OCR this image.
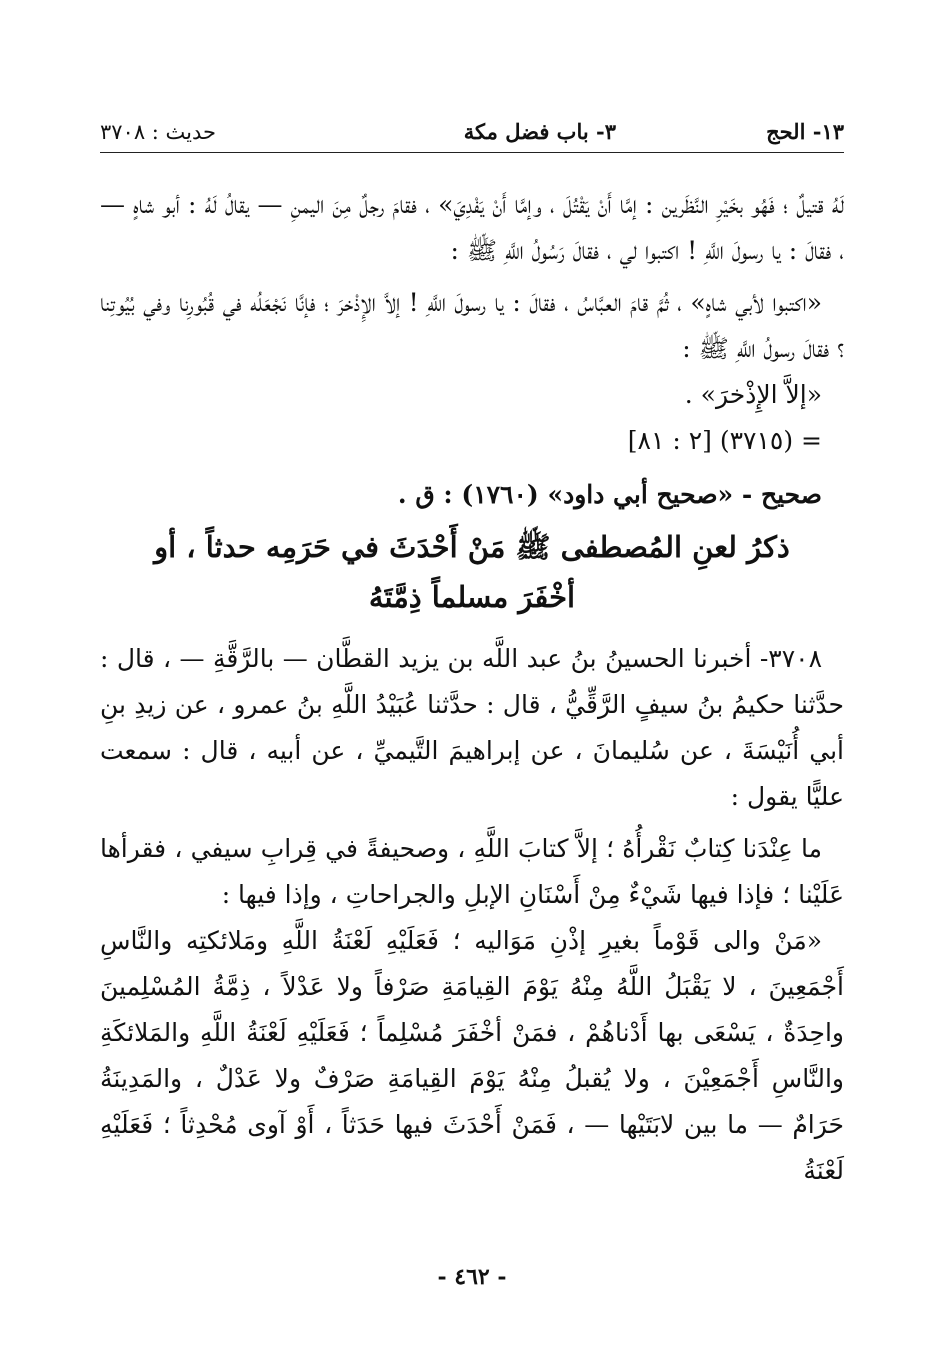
١٣- الحج
٣- باب فضل مكة
حديث : ٣٧٠٨

لَهُ قتيلٌ ؛ فَهُو بخَيْرِ النَّظَرين : إمَّا أَنْ يَقْتُلَ ، وإمَّا أَنْ يَفْدِيَ» ، فقامَ رجلٌ مِنَ اليمنِ — يقالُ لَهُ : أبو شاهٍ — ، فقالَ : يا رسولَ اللَّهِ ! اكتبوا لي ، فقالَ رَسُولُ اللَّهِ ﷺ :

«اكتبوا لأبي شاهٍ» ، ثُمَّ قامَ العبَّاسُ ، فقالَ : يا رسولَ اللَّهِ ! إلاَّ الإِذْخرَ ؛ فإنَّا نَجْعَلُه في قُبُورِنا وفي بُيُوتِنا ؟ فقالَ رسولُ اللَّهِ ﷺ :

«إلاَّ الإِذْخرَ» .

= (٣٧١٥) [٢ : ٨١]

صحيح - «صحيح أبي داود» (١٧٦٠) : ق .

ذكرُ لعنِ المُصطفى ﷺ مَنْ أَحْدَثَ في حَرَمِه حدثاً ، أو
أخْفَرَ مسلماً ذِمَّتَهُ

٣٧٠٨- أخبرنا الحسينُ بنُ عبد اللَّه بن يزيد القطَّان — بالرَّقَّةِ — ، قال : حدَّثنا حكيمُ بنُ سيفٍ الرَّقِّيُّ ، قال : حدَّثنا عُبَيْدُ اللَّهِ بنُ عمرو ، عن زيدِ بنِ أبي أُنَيْسَةَ ، عن سُليمانَ ، عن إبراهيمَ التَّيميِّ ، عن أبيه ، قال : سمعت عليًّا يقول :

ما عِنْدَنا كِتابٌ نَقْرأُهُ ؛ إلاَّ كتابَ اللَّهِ ، وصحيفةً في قِرابِ سيفي ، فقرأها عَلَيْنا ؛ فإذا فيها شَيْءٌ مِنْ أَسْنَانِ الإبلِ والجراحاتِ ، وإذا فيها :

«مَنْ والى قَوْماً بغيرِ إذْنِ مَوَاليه ؛ فَعَلَيْهِ لَعْنَةُ اللَّهِ ومَلائكتِه والنَّاسِ أَجْمَعِينَ ، لا يَقْبَلُ اللَّهُ مِنْهُ يَوْمَ القِيامَةِ صَرْفاً ولا عَدْلاً ، ذِمَّةُ المُسْلِمينَ واحِدَةٌ ، يَسْعَى بها أَدْناهُمْ ، فمَنْ أخْفَرَ مُسْلِماً ؛ فَعَلَيْهِ لَعْنَةُ اللَّهِ والمَلائكَةِ والنَّاسِ أَجْمَعِيْنَ ، ولا يُقبلُ مِنْهُ يَوْمَ القِيامَةِ صَرْفٌ ولا عَدْلٌ ، والمَدِينَةُ حَرَامٌ — ما بين لابَتَيْها — ، فَمَنْ أَحْدَثَ فيها حَدَثاً ، أَوْ آوى مُحْدِثاً ؛ فَعَلَيْهِ لَعْنَةُ

- ٤٦٢ -
